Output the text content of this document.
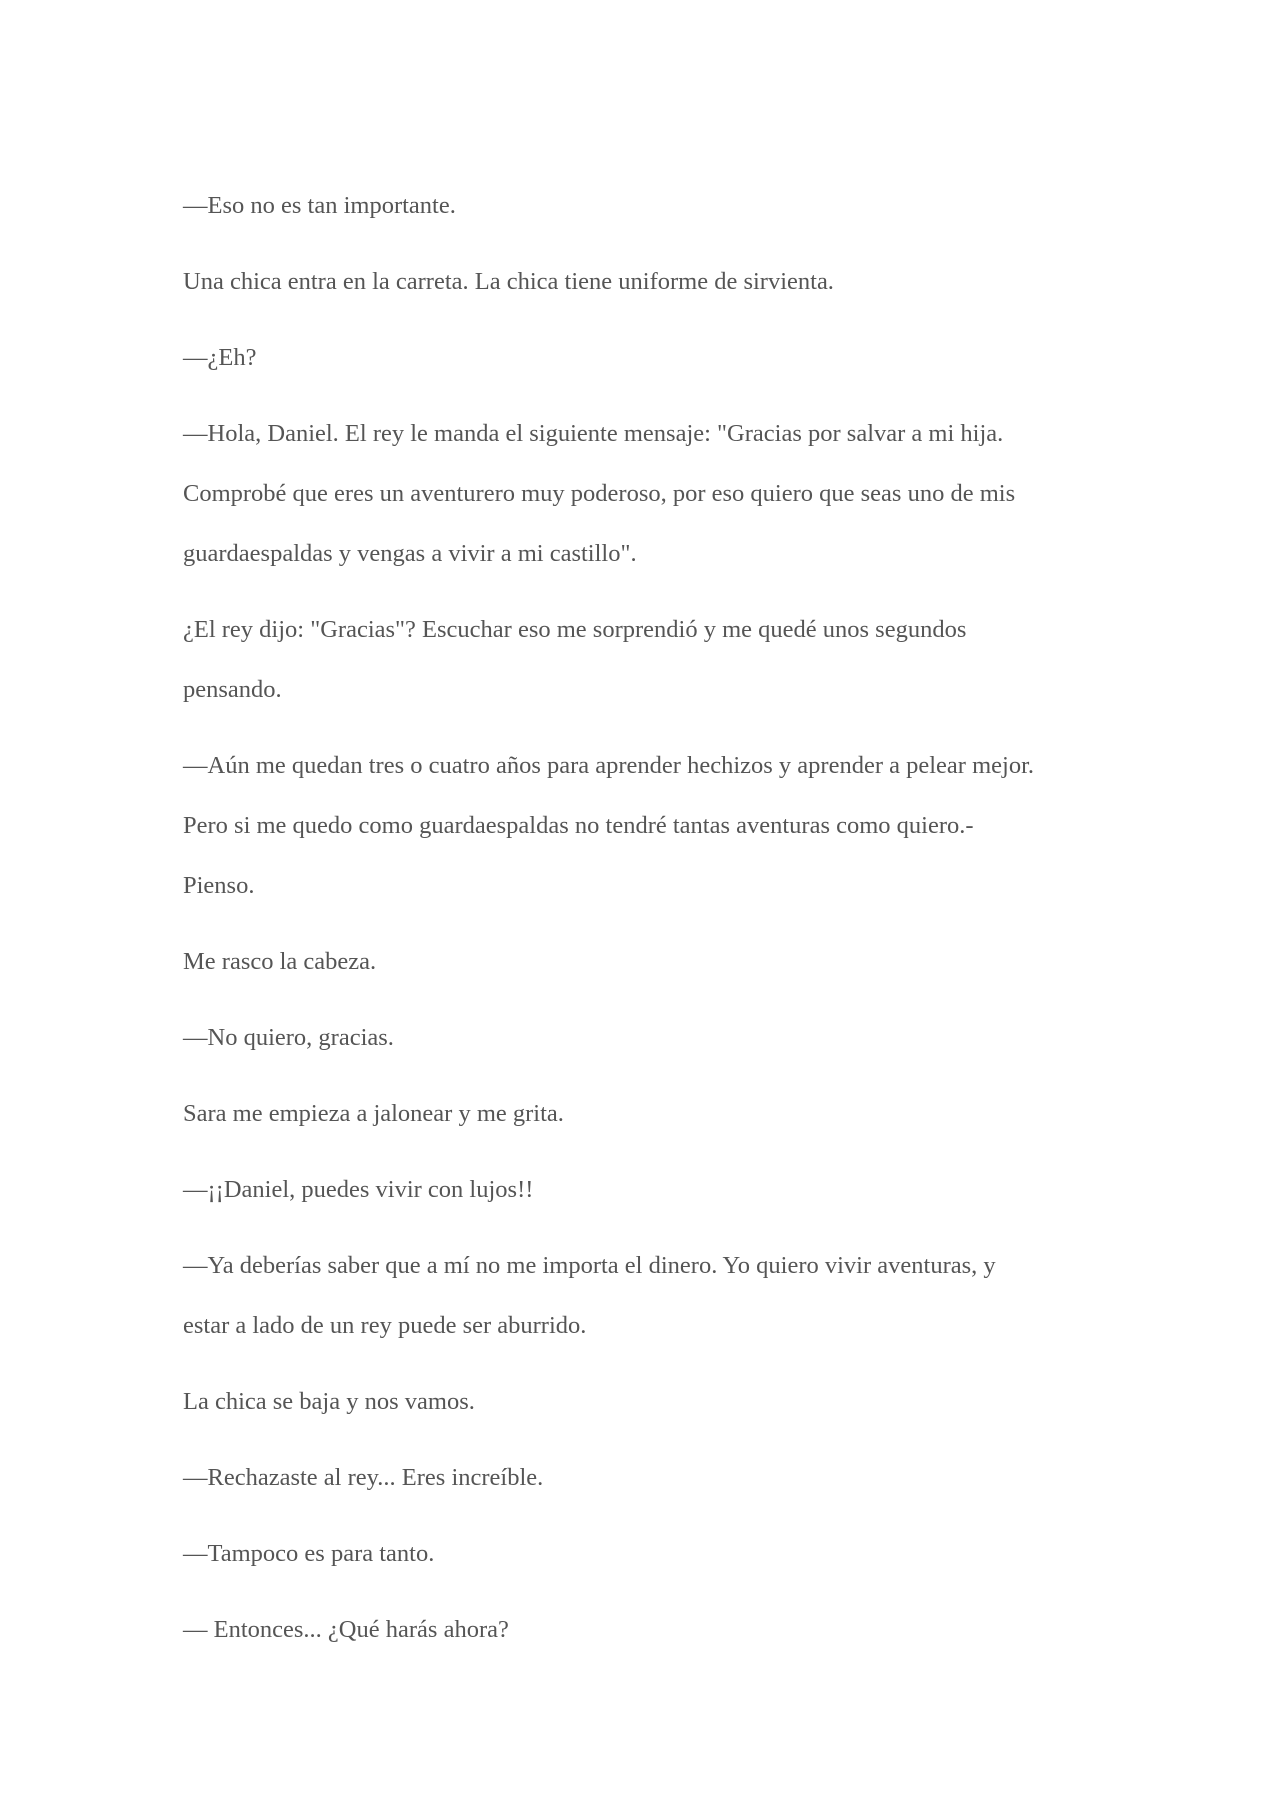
—Eso no es tan importante.

Una chica entra en la carreta. La chica tiene uniforme de sirvienta.

—¿Eh?

—Hola, Daniel. El rey le manda el siguiente mensaje: "Gracias por salvar a mi hija.
Comprobé que eres un aventurero muy poderoso, por eso quiero que seas uno de mis
guardaespaldas y vengas a vivir a mi castillo".

¿El rey dijo: "Gracias"? Escuchar eso me sorprendió y me quedé unos segundos
pensando.

—Aún me quedan tres o cuatro años para aprender hechizos y aprender a pelear mejor.
Pero si me quedo como guardaespaldas no tendré tantas aventuras como quiero.-
Pienso.

Me rasco la cabeza.

—No quiero, gracias.

Sara me empieza a jalonear y me grita.

—¡¡Daniel, puedes vivir con lujos!!

—Ya deberías saber que a mí no me importa el dinero. Yo quiero vivir aventuras, y
estar a lado de un rey puede ser aburrido.

La chica se baja y nos vamos.

—Rechazaste al rey... Eres increíble.

—Tampoco es para tanto.

— Entonces... ¿Qué harás ahora?
